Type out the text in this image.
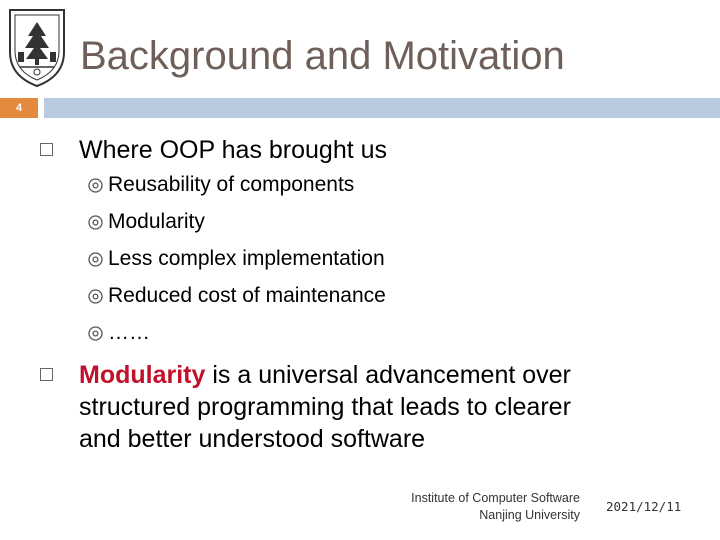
Background and Motivation
4
Where OOP has brought us
Reusability of components
Modularity
Less complex implementation
Reduced cost of maintenance
……
Modularity is a universal advancement over
structured programming that leads to clearer
and better understood software
Institute of Computer Software
Nanjing University
2021/12/11
